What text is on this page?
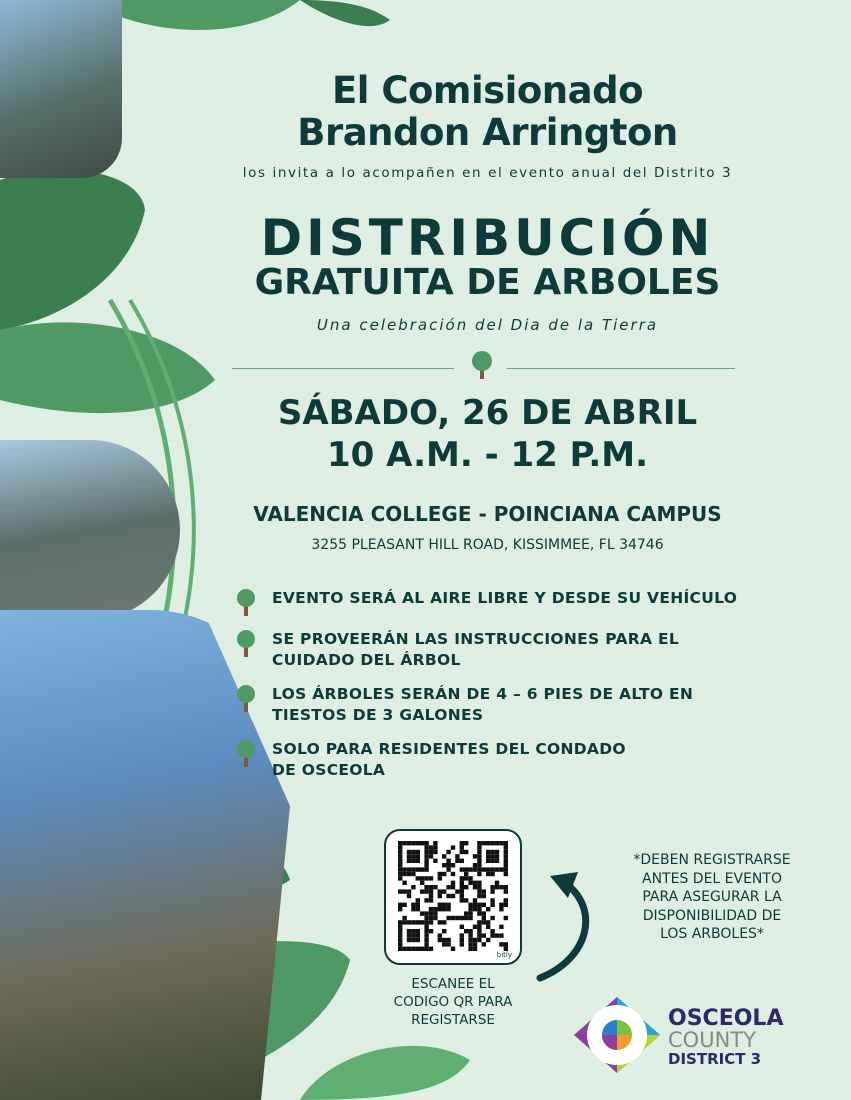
El Comisionado
Brandon Arrington
los invita a lo acompañen en el evento anual del Distrito 3
DISTRIBUCIÓN
GRATUITA DE ARBOLES
Una celebración del Dia de la Tierra
SÁBADO, 26 DE ABRIL
10 A.M. - 12 P.M.
VALENCIA COLLEGE - POINCIANA CAMPUS
3255 PLEASANT HILL ROAD, KISSIMMEE, FL 34746
EVENTO SERÁ AL AIRE LIBRE Y DESDE SU VEHÍCULO
SE PROVEERÁN LAS INSTRUCCIONES PARA EL
CUIDADO DEL ÁRBOL
LOS ÁRBOLES SERÁN DE 4 – 6 PIES DE ALTO EN
TIESTOS DE 3 GALONES
SOLO PARA RESIDENTES DEL CONDADO
DE OSCEOLA
bitly
ESCANEE EL
CODIGO QR PARA
REGISTARSE
*DEBEN REGISTRARSE
ANTES DEL EVENTO
PARA ASEGURAR LA
DISPONIBILIDAD DE
LOS ARBOLES*
OSCEOLA
COUNTY
DISTRICT 3
